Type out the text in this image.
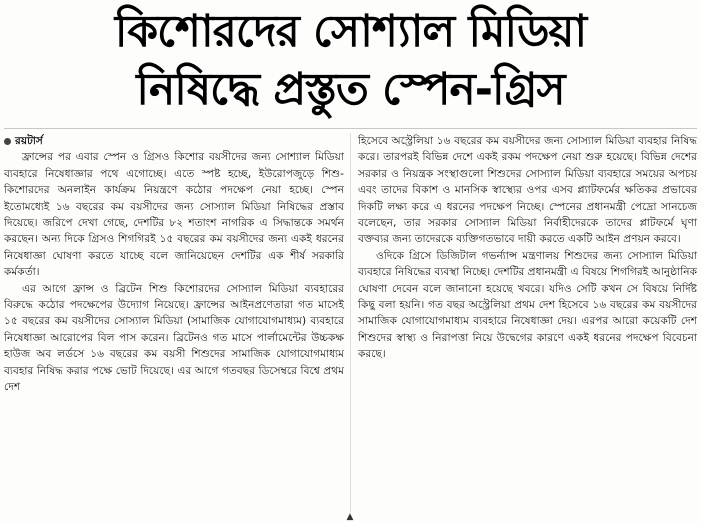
কিশোরদের সোশ্যাল মিডিয়া
নিষিদ্ধে প্রস্তুত স্পেন-গ্রিস
রয়টার্স
ফ্রান্সের পর এবার স্পেন ও গ্রিসও কিশোর বয়সীদের জন্য সোশ্যাল মিডিয়া ব্যবহারে নিষেধাজ্ঞার পথে এগোচ্ছে। এতে স্পষ্ট হচ্ছে, ইউরোপজুড়ে শিশু-কিশোরদের অনলাইন কার্যক্রম নিয়ন্ত্রণে কঠোর পদক্ষেপ নেয়া হচ্ছে। স্পেন ইতোমধ্যেই ১৬ বছরের কম বয়সীদের জন্য সোস্যাল মিডিয়া নিষিদ্ধের প্রস্তাব দিয়েছে। জরিপে দেখা গেছে, দেশটির ৮২ শতাংশ নাগরিক এ সিদ্ধান্তকে সমর্থন করছেন। অন্য দিকে গ্রিসও শিগগিরই ১৫ বছরের কম বয়সীদের জন্য একই ধরনের নিষেধাজ্ঞা ঘোষণা করতে যাচ্ছে বলে জানিয়েছেন দেশটির এক শীর্ষ সরকারি কর্মকর্তা।
এর আগে ফ্রান্স ও ব্রিটেন শিশু কিশোরদের সোস্যাল মিডিয়া ব্যবহারের বিরুদ্ধে কঠোর পদক্ষেপের উদ্যোগ নিয়েছে। ফ্রান্সের আইনপ্রণেতারা গত মাসেই ১৫ বছরের কম বয়সীদের সোস্যাল মিডিয়া (সামাজিক যোগাযোগমাধ্যম) ব্যবহারে নিষেধাজ্ঞা আরোপের বিল পাস করেন। ব্রিটেনও গত মাসে পার্লামেন্টের উচ্চকক্ষ হাউজ অব লর্ডসে ১৬ বছরের কম বয়সী শিশুদের সামাজিক যোগাযোগমাধ্যম ব্যবহার নিষিদ্ধ করার পক্ষে ভোট দিয়েছে। এর আগে গতবছর ডিসেম্বরে বিশ্বে প্রথম দেশ
হিসেবে অস্ট্রেলিয়া ১৬ বছরের কম বয়সীদের জন্য সোস্যাল মিডিয়া ব্যবহার নিষিদ্ধ করে। তারপরই বিভিন্ন দেশে একই রকম পদক্ষেপ নেয়া শুরু হয়েছে। বিভিন্ন দেশের সরকার ও নিয়ন্ত্রক সংস্থাগুলো শিশুদের সোস্যাল মিডিয়া ব্যবহারে সময়ের অপচয় এবং তাদের বিকাশ ও মানসিক স্বাস্থ্যের ওপর এসব প্ল্যাটফর্মের ক্ষতিকর প্রভাবের দিকটি লক্ষ্য করে এ ধরনের পদক্ষেপ নিচ্ছে। স্পেনের প্রধানমন্ত্রী পেদ্রো সানচেজ বলেছেন, তার সরকার সোস্যাল মিডিয়া নির্বাহীদেরকে তাদের প্লাটফর্মে ঘৃণা বক্তব্যর জন্য তাদেরকে ব্যক্তিগতভাবে দায়ী করতে একটি আইন প্রণয়ন করবে।
ওদিকে গ্রিসে ডিজিটাল গভর্ন্যান্স মন্ত্রণালয় শিশুদের জন্য সোস্যাল মিডিয়া ব্যবহারে নিষিদ্ধের ব্যবস্থা নিচ্ছে। দেশটির প্রধানমন্ত্রী এ বিষয়ে শিগগিরই আনুষ্ঠানিক ঘোষণা দেবেন বলে জানানো হয়েছে খবরে। যদিও সেটি কখন সে বিষয়ে নির্দিষ্ট কিছু বলা হয়নি। গত বছর অস্ট্রেলিয়া প্রথম দেশ হিসেবে ১৬ বছরের কম বয়সীদের সামাজিক যোগাযোগমাধ্যম ব্যবহারে নিষেধাজ্ঞা দেয়। এরপর আরো কয়েকটি দেশ শিশুদের স্বাস্থ্য ও নিরাপত্তা নিয়ে উদ্বেগের কারণে একই ধরনের পদক্ষেপ বিবেচনা করছে।
▲
